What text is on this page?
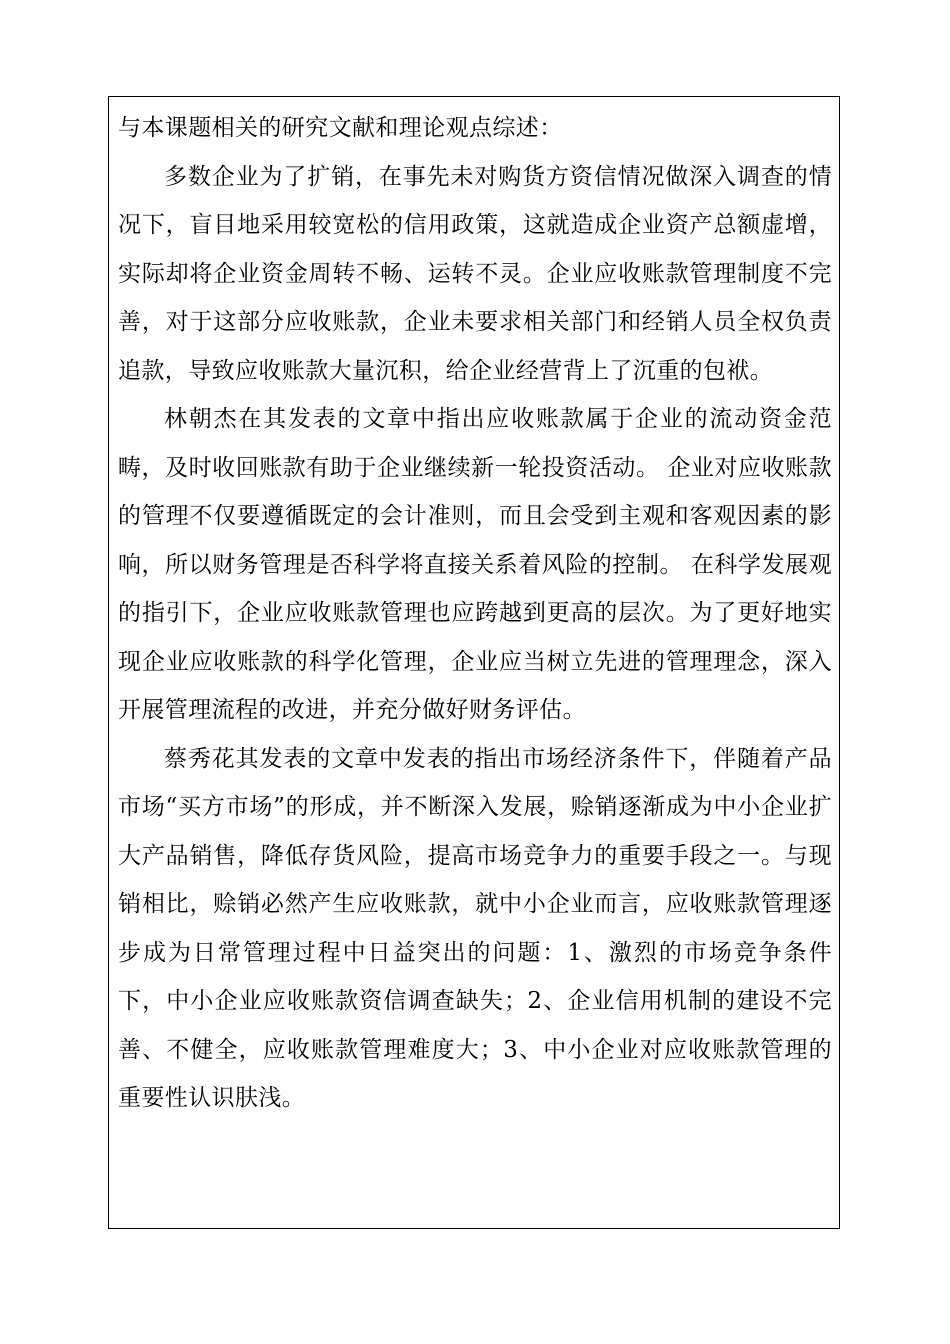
与本课题相关的研究文献和理论观点综述：

多数企业为了扩销，在事先未对购货方资信情况做深入调查的情况下，盲目地采用较宽松的信用政策，这就造成企业资产总额虚增，实际却将企业资金周转不畅、运转不灵。企业应收账款管理制度不完善，对于这部分应收账款，企业未要求相关部门和经销人员全权负责追款，导致应收账款大量沉积，给企业经营背上了沉重的包袱。

林朝杰在其发表的文章中指出应收账款属于企业的流动资金范畴，及时收回账款有助于企业继续新一轮投资活动。 企业对应收账款的管理不仅要遵循既定的会计准则，而且会受到主观和客观因素的影响，所以财务管理是否科学将直接关系着风险的控制。 在科学发展观的指引下，企业应收账款管理也应跨越到更高的层次。为了更好地实现企业应收账款的科学化管理，企业应当树立先进的管理理念，深入开展管理流程的改进，并充分做好财务评估。

蔡秀花其发表的文章中发表的指出市场经济条件下，伴随着产品市场“买方市场”的形成，并不断深入发展，赊销逐渐成为中小企业扩大产品销售，降低存货风险，提高市场竞争力的重要手段之一。与现销相比，赊销必然产生应收账款，就中小企业而言，应收账款管理逐步成为日常管理过程中日益突出的问题：1、激烈的市场竞争条件下，中小企业应收账款资信调查缺失；2、企业信用机制的建设不完善、不健全，应收账款管理难度大；3、中小企业对应收账款管理的重要性认识肤浅。
